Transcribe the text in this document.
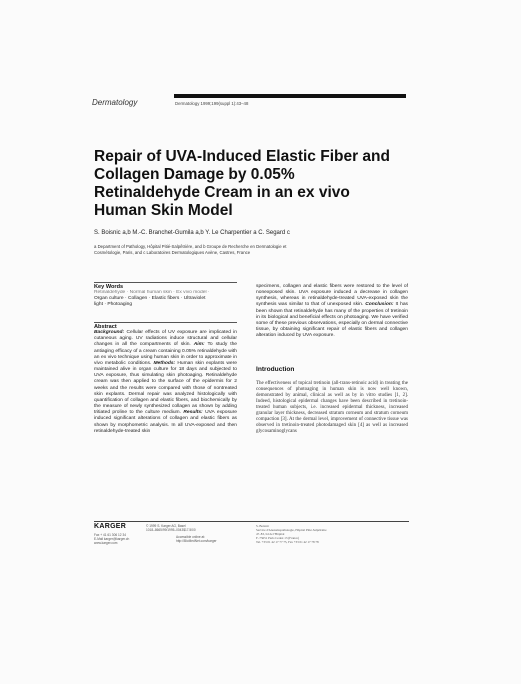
Dermatology	Dermatology 1999;199(suppl 1):43–48
Repair of UVA-Induced Elastic Fiber and
Collagen Damage by 0.05%
Retinaldehyde Cream in an ex vivo
Human Skin Model
S. Boisnic a,b M.-C. Branchet-Gumila a,b Y. Le Charpentier a C. Segard c
a Department of Pathology, Hôpital Pitié-Salpêtrière, and b Groupe de Recherche en Dermatologie et
Cosmétologie, Paris, and c Laboratoires Dermatologiques Avène, Castres, France
Key Words
Retinaldehyde · Normal human skin · Ex vivo model ·
Organ culture · Collagen · Elastic fibers · Ultraviolet
light · Photoaging
Abstract

Background: Cellular effects of UV exposure are implicated in cutaneous aging. UV radiations induce structural and cellular changes in all the compartments of skin. Aim: To study the antiaging efficacy of a cream containing 0.05% retinaldehyde with an ex vivo technique using human skin in order to approximate in vivo metabolic conditions. Methods: Human skin explants were maintained alive in organ culture for 18 days and subjected to UVA exposure, thus simulating skin photoaging. Retinaldehyde cream was then applied to the surface of the epidermis for 2 weeks and the results were compared with those of nontreated skin explants. Dermal repair was analyzed histologically with quantification of collagen and elastic fibers, and biochemically by the measure of newly synthesized collagen as shown by adding tritiated proline to the culture medium. Results: UVA exposure induced significant alterations of collagen and elastic fibers as shown by morphometric analysis. In all UVA-exposed and then retinaldehyde-treated skin

specimens, collagen and elastic fibers were restored to the level of nonexposed skin. UVA exposure induced a decrease in collagen synthesis, whereas in retinaldehyde-treated UVA-exposed skin the synthesis was similar to that of unexposed skin. Conclusion: It has been shown that retinaldehyde has many of the properties of tretinoin in its biological and beneficial effects on photoaging. We have verified some of these previous observations, especially on dermal connective tissue, by obtaining significant repair of elastic fibers and collagen alteration induced by UVA exposure.

Introduction
The effectiveness of topical tretinoin (all-trans-retinoic acid) in treating the consequences of photoaging in human skin is now well known, demonstrated by animal, clinical as well as by in vitro studies [1, 2]. Indeed, histological epidermal changes have been described in tretinoin-treated human subjects, i.e. increased epidermal thickness, increased granular layer thickness, decreased stratum corneum and stratum corneum compaction [3]. At the dermal level, improvement of connective tissue was observed in tretinoin-treated photodamaged skin [4] as well as increased glycosaminoglycans
KARGER
Fax + 41 61 306 12 34
E-Mail karger@karger.ch
www.karger.com
© 1999 S. Karger AG, Basel
1018–8665/99/1995–0043$17.50/0
Accessible online at:
http://BioMedNet.com/karger
S. Boisnic
Service d'Anatomopathologie, Hôpital Pitié-Salpêtrière
47–83, bd de l'Hôpital
F–75651 Paris Cedex 13 (France)
Tel. +33 01 42 17 77 75, Fax +33 01 42 17 78 78
